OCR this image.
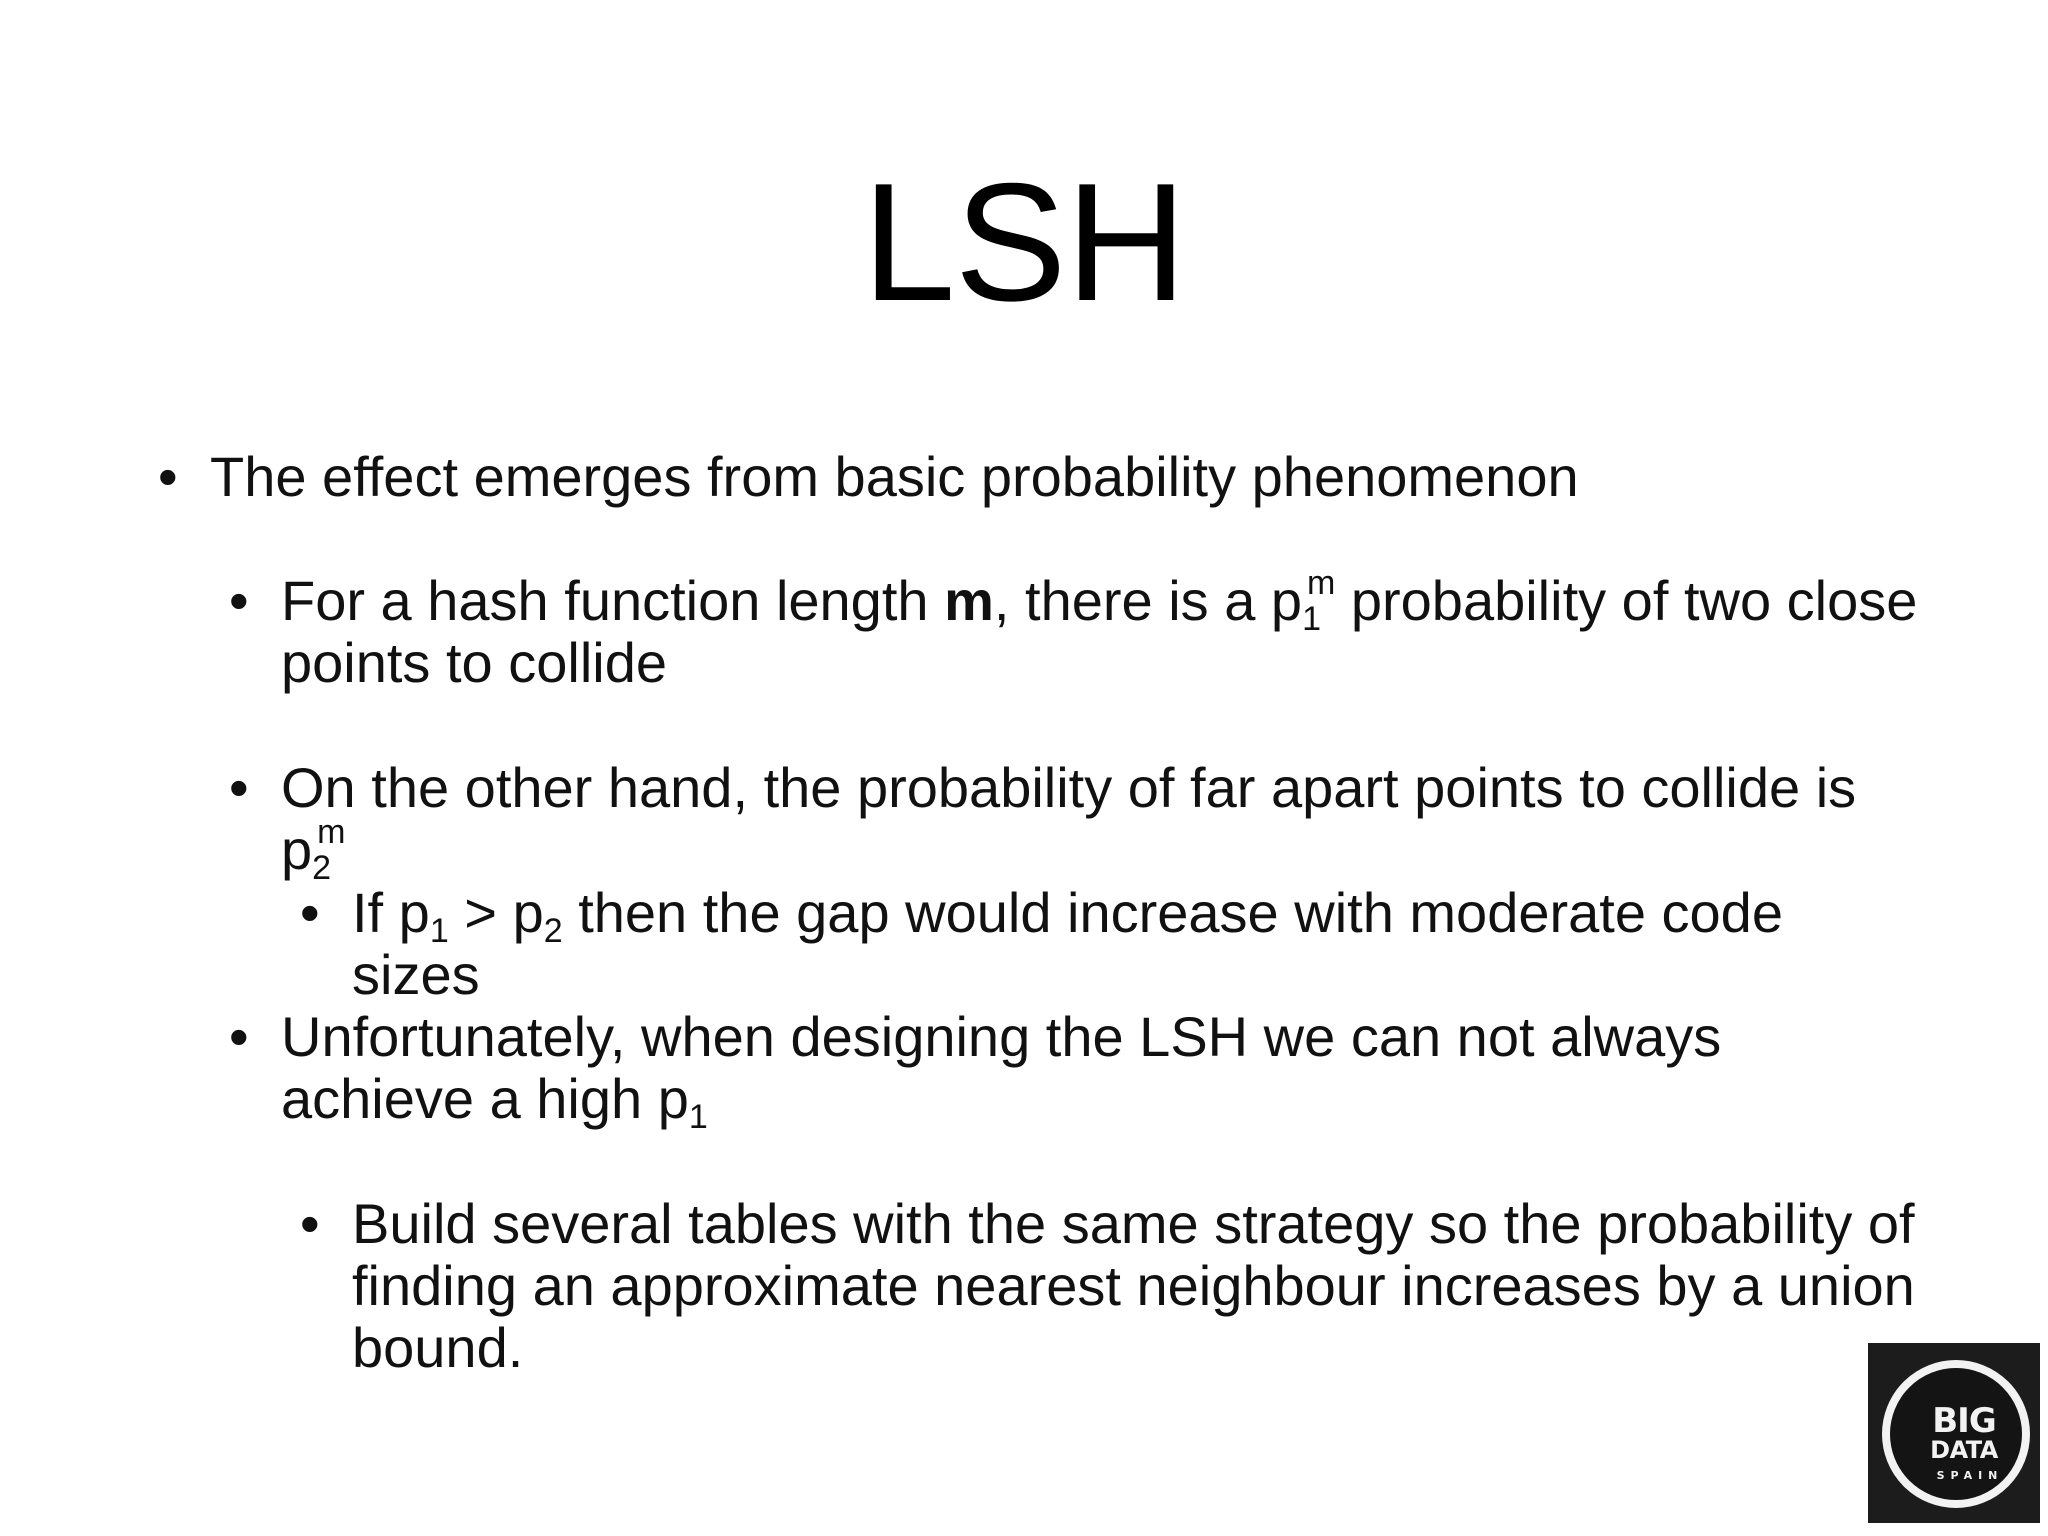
LSH
• The effect emerges from basic probability phenomenon
• For a hash function length m, there is a $p_1^m$ probability of two close points to collide
• On the other hand, the probability of far apart points to collide is $p_2^m$
• If $p_1 > p_2$ then the gap would increase with moderate code sizes
• Unfortunately, when designing the LSH we can not always achieve a high $p_1$
• Build several tables with the same strategy so the probability of finding an approximate nearest neighbour increases by a union bound.
BIG
DATA
SPAIN
